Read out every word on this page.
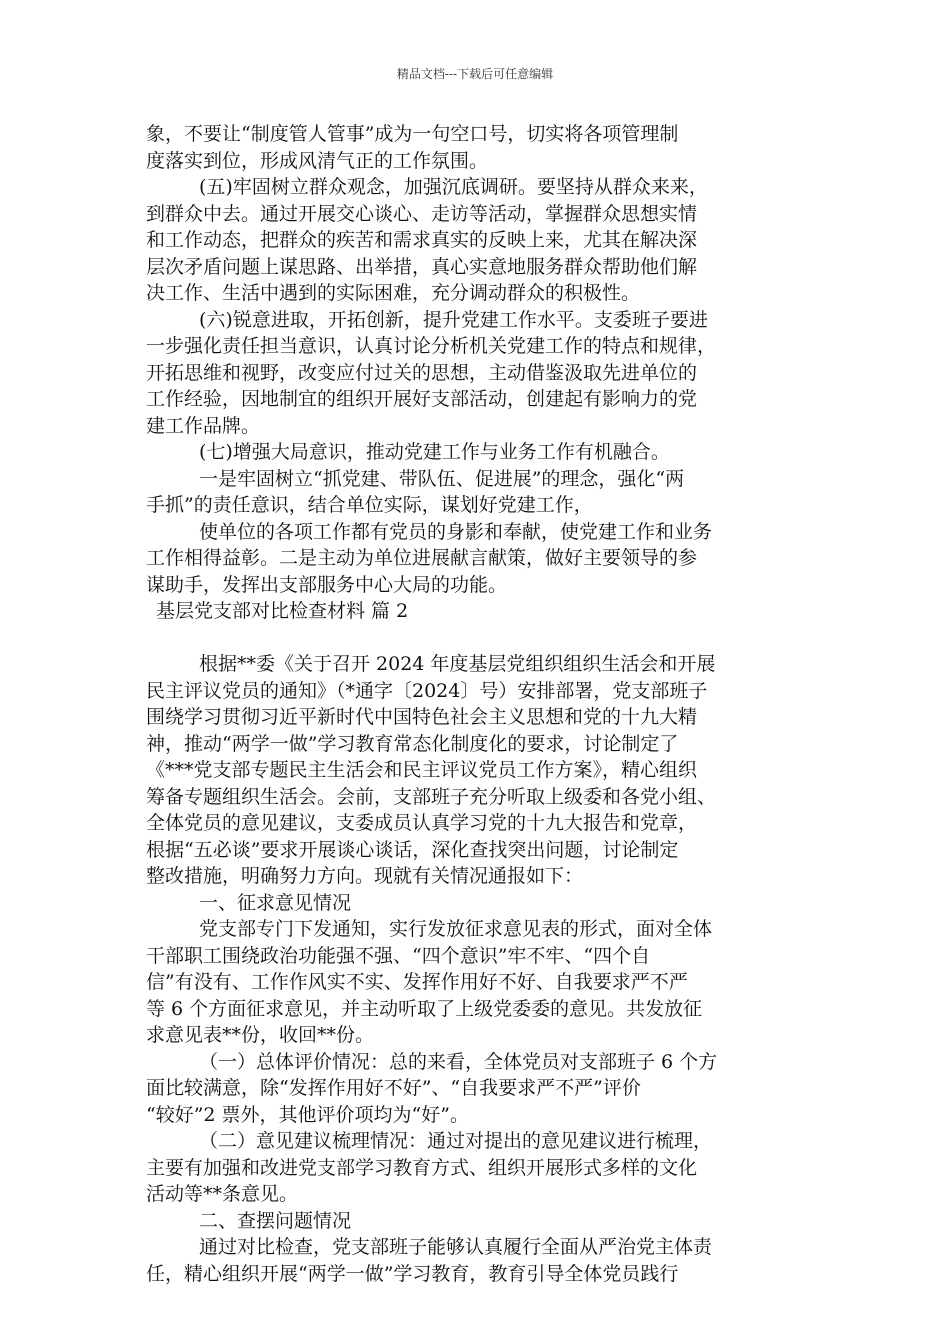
精品文档---下载后可任意编辑
象，不要让“制度管人管事”成为一句空口号，切实将各项管理制
度落实到位，形成风清气正的工作氛围。
(五)牢固树立群众观念，加强沉底调研。要坚持从群众来来，
到群众中去。通过开展交心谈心、走访等活动，掌握群众思想实情
和工作动态，把群众的疾苦和需求真实的反映上来，尤其在解决深
层次矛盾问题上谋思路、出举措，真心实意地服务群众帮助他们解
决工作、生活中遇到的实际困难，充分调动群众的积极性。
(六)锐意进取，开拓创新，提升党建工作水平。支委班子要进
一步强化责任担当意识，认真讨论分析机关党建工作的特点和规律，
开拓思维和视野，改变应付过关的思想，主动借鉴汲取先进单位的
工作经验，因地制宜的组织开展好支部活动，创建起有影响力的党
建工作品牌。
(七)增强大局意识，推动党建工作与业务工作有机融合。
一是牢固树立“抓党建、带队伍、促进展”的理念，强化“两
手抓”的责任意识，结合单位实际，谋划好党建工作，
使单位的各项工作都有党员的身影和奉献，使党建工作和业务
工作相得益彰。二是主动为单位进展献言献策，做好主要领导的参
谋助手，发挥出支部服务中心大局的功能。
基层党支部对比检查材料 篇 2
根据**委《关于召开 2024 年度基层党组织组织生活会和开展
民主评议党员的通知》（*通字〔2024〕号）安排部署，党支部班子
围绕学习贯彻习近平新时代中国特色社会主义思想和党的十九大精
神，推动“两学一做”学习教育常态化制度化的要求，讨论制定了
《***党支部专题民主生活会和民主评议党员工作方案》，精心组织
筹备专题组织生活会。会前，支部班子充分听取上级委和各党小组、
全体党员的意见建议，支委成员认真学习党的十九大报告和党章，
根据“五必谈”要求开展谈心谈话，深化查找突出问题，讨论制定
整改措施，明确努力方向。现就有关情况通报如下：
一、征求意见情况
党支部专门下发通知，实行发放征求意见表的形式，面对全体
干部职工围绕政治功能强不强、“四个意识”牢不牢、“四个自
信”有没有、工作作风实不实、发挥作用好不好、自我要求严不严
等 6 个方面征求意见，并主动听取了上级党委委的意见。共发放征
求意见表**份，收回**份。
（一）总体评价情况：总的来看，全体党员对支部班子 6 个方
面比较满意，除“发挥作用好不好”、“自我要求严不严”评价
“较好”2 票外，其他评价项均为“好”。
（二）意见建议梳理情况：通过对提出的意见建议进行梳理，
主要有加强和改进党支部学习教育方式、组织开展形式多样的文化
活动等**条意见。
二、查摆问题情况
通过对比检查，党支部班子能够认真履行全面从严治党主体责
任，精心组织开展“两学一做”学习教育，教育引导全体党员践行
